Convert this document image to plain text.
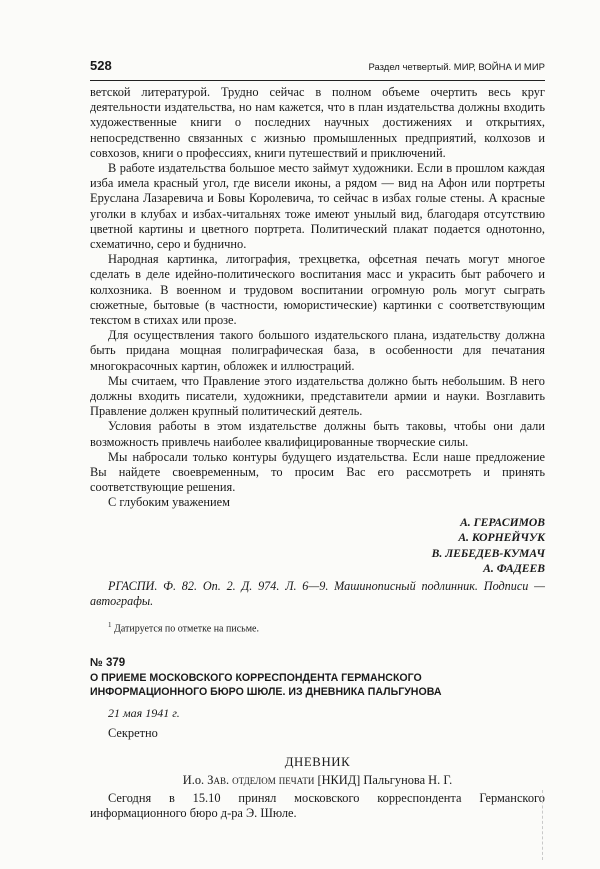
528	Раздел четвертый. МИР, ВОЙНА И МИР

ветской литературой. Трудно сейчас в полном объеме очертить весь круг деятельности издательства, но нам кажется, что в план издательства должны входить художественные книги о последних научных достижениях и открытиях, непосредственно связанных с жизнью промышленных предприятий, колхозов и совхозов, книги о профессиях, книги путешествий и приключений.

В работе издательства большое место займут художники. Если в прошлом каждая изба имела красный угол, где висели иконы, а рядом — вид на Афон или портреты Еруслана Лазаревича и Бовы Королевича, то сейчас в избах голые стены. А красные уголки в клубах и избах-читальнях тоже имеют унылый вид, благодаря отсутствию цветной картины и цветного портрета. Политический плакат подается однотонно, схематично, серо и буднично.

Народная картинка, литография, трехцветка, офсетная печать могут многое сделать в деле идейно-политического воспитания масс и украсить быт рабочего и колхозника. В военном и трудовом воспитании огромную роль могут сыграть сюжетные, бытовые (в частности, юмористические) картинки с соответствующим текстом в стихах или прозе.

Для осуществления такого большого издательского плана, издательству должна быть придана мощная полиграфическая база, в особенности для печатания многокрасочных картин, обложек и иллюстраций.

Мы считаем, что Правление этого издательства должно быть небольшим. В него должны входить писатели, художники, представители армии и науки. Возглавить Правление должен крупный политический деятель.

Условия работы в этом издательстве должны быть таковы, чтобы они дали возможность привлечь наиболее квалифицированные творческие силы.

Мы набросали только контуры будущего издательства. Если наше предложение Вы найдете своевременным, то просим Вас его рассмотреть и принять соответствующие решения.

С глубоким уважением

А. ГЕРАСИМОВ
А. КОРНЕЙЧУК
В. ЛЕБЕДЕВ-КУМАЧ
А. ФАДЕЕВ

РГАСПИ. Ф. 82. Оп. 2. Д. 974. Л. 6—9. Машинописный подлинник. Подписи — автографы.

$^1$ Датируется по отметке на письме.

№ 379
О ПРИЕМЕ МОСКОВСКОГО КОРРЕСПОНДЕНТА ГЕРМАНСКОГО
ИНФОРМАЦИОННОГО БЮРО ШЮЛЕ. ИЗ ДНЕВНИКА ПАЛЬГУНОВА
21 мая 1941 г.
Секретно
ДНЕВНИК
И.о. Зав. отделом печати [НКИД] Пальгунова Н. Г.

Сегодня в 15.10 принял московского корреспондента Германского информационного бюро д-ра Э. Шюле.
